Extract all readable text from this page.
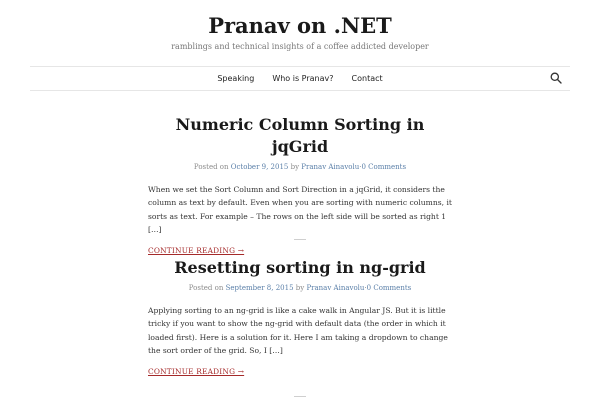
Pranav on .NET
ramblings and technical insights of a coffee addicted developer
Speaking Who is Pranav? Contact
Numeric Column Sorting in jqGrid
Posted on October 9, 2015 by Pranav Ainavolu·0 Comments
When we set the Sort Column and Sort Direction in a jqGrid, it considers the column as text by default. Even when you are sorting with numeric columns, it sorts as text. For example – The rows on the left side will be sorted as right 1 […]
CONTINUE READING →
Resetting sorting in ng-grid
Posted on September 8, 2015 by Pranav Ainavolu·0 Comments
Applying sorting to an ng-grid is like a cake walk in Angular JS. But it is little tricky if you want to show the ng-grid with default data (the order in which it loaded first). Here is a solution for it. Here I am taking a dropdown to change the sort order of the grid. So, I […]
CONTINUE READING →
